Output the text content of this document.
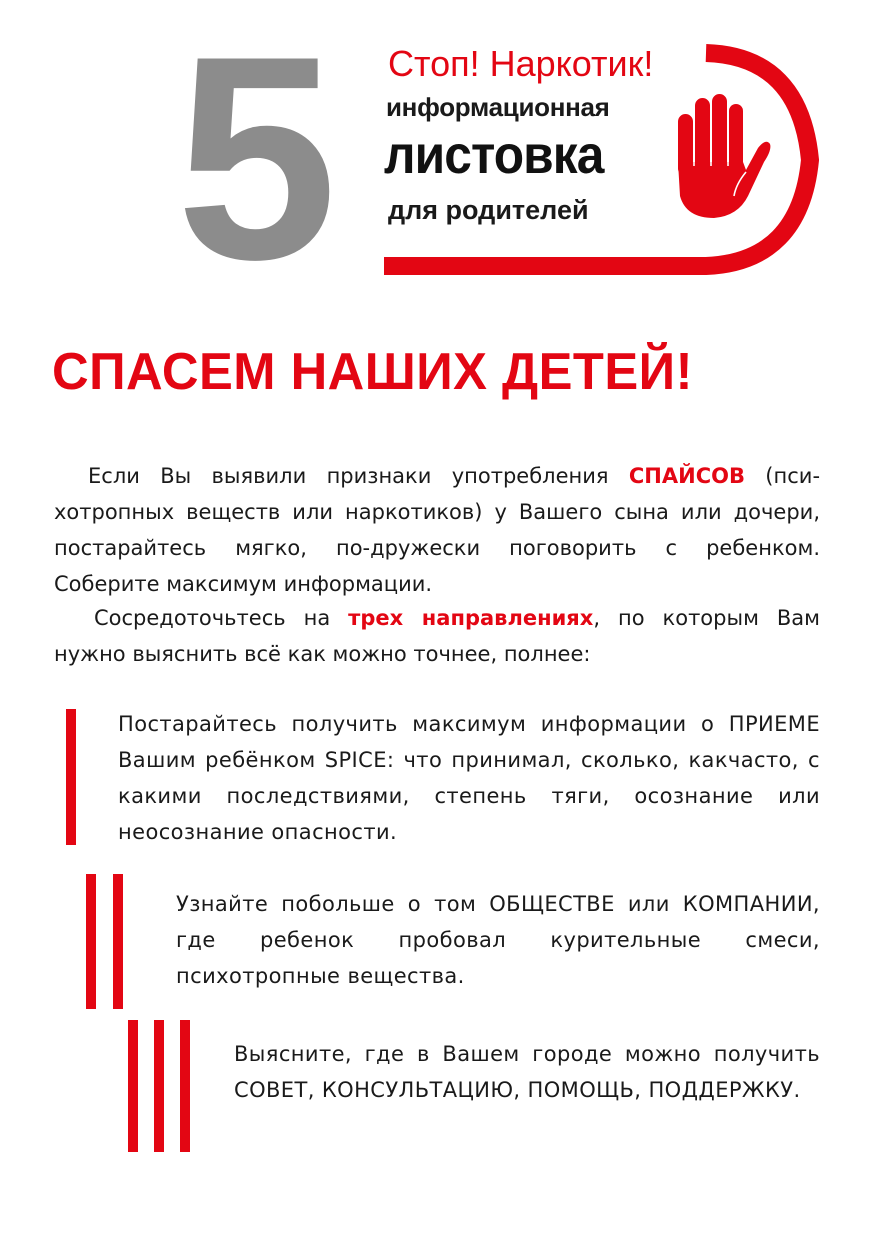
5	Стоп! Наркотик!
информационная
листовка
для родителей
СПАСЕМ НАШИХ ДЕТЕЙ!
Если Вы выявили признаки употребления СПАЙСОВ (психотропных веществ или наркотиков) у Вашего сына или дочери, постарайтесь мягко, по-дружески поговорить с ребенком. Соберите максимум информации.
Сосредоточьтесь на трех направлениях, по которым Вам нужно выяснить всё как можно точнее, полнее:
Постарайтесь получить максимум информации о ПРИЕМЕ Вашим ребёнком SPICE: что принимал, сколько, какчасто, с какими последствиями, степень тяги, осознание или неосознание опасности.
Узнайте побольше о том ОБЩЕСТВЕ или КОМПАНИИ, где ребенок пробовал курительные смеси, психотропные вещества.
Выясните, где в Вашем городе можно получить СОВЕТ, КОНСУЛЬТАЦИЮ, ПОМОЩЬ, ПОДДЕРЖКУ.
